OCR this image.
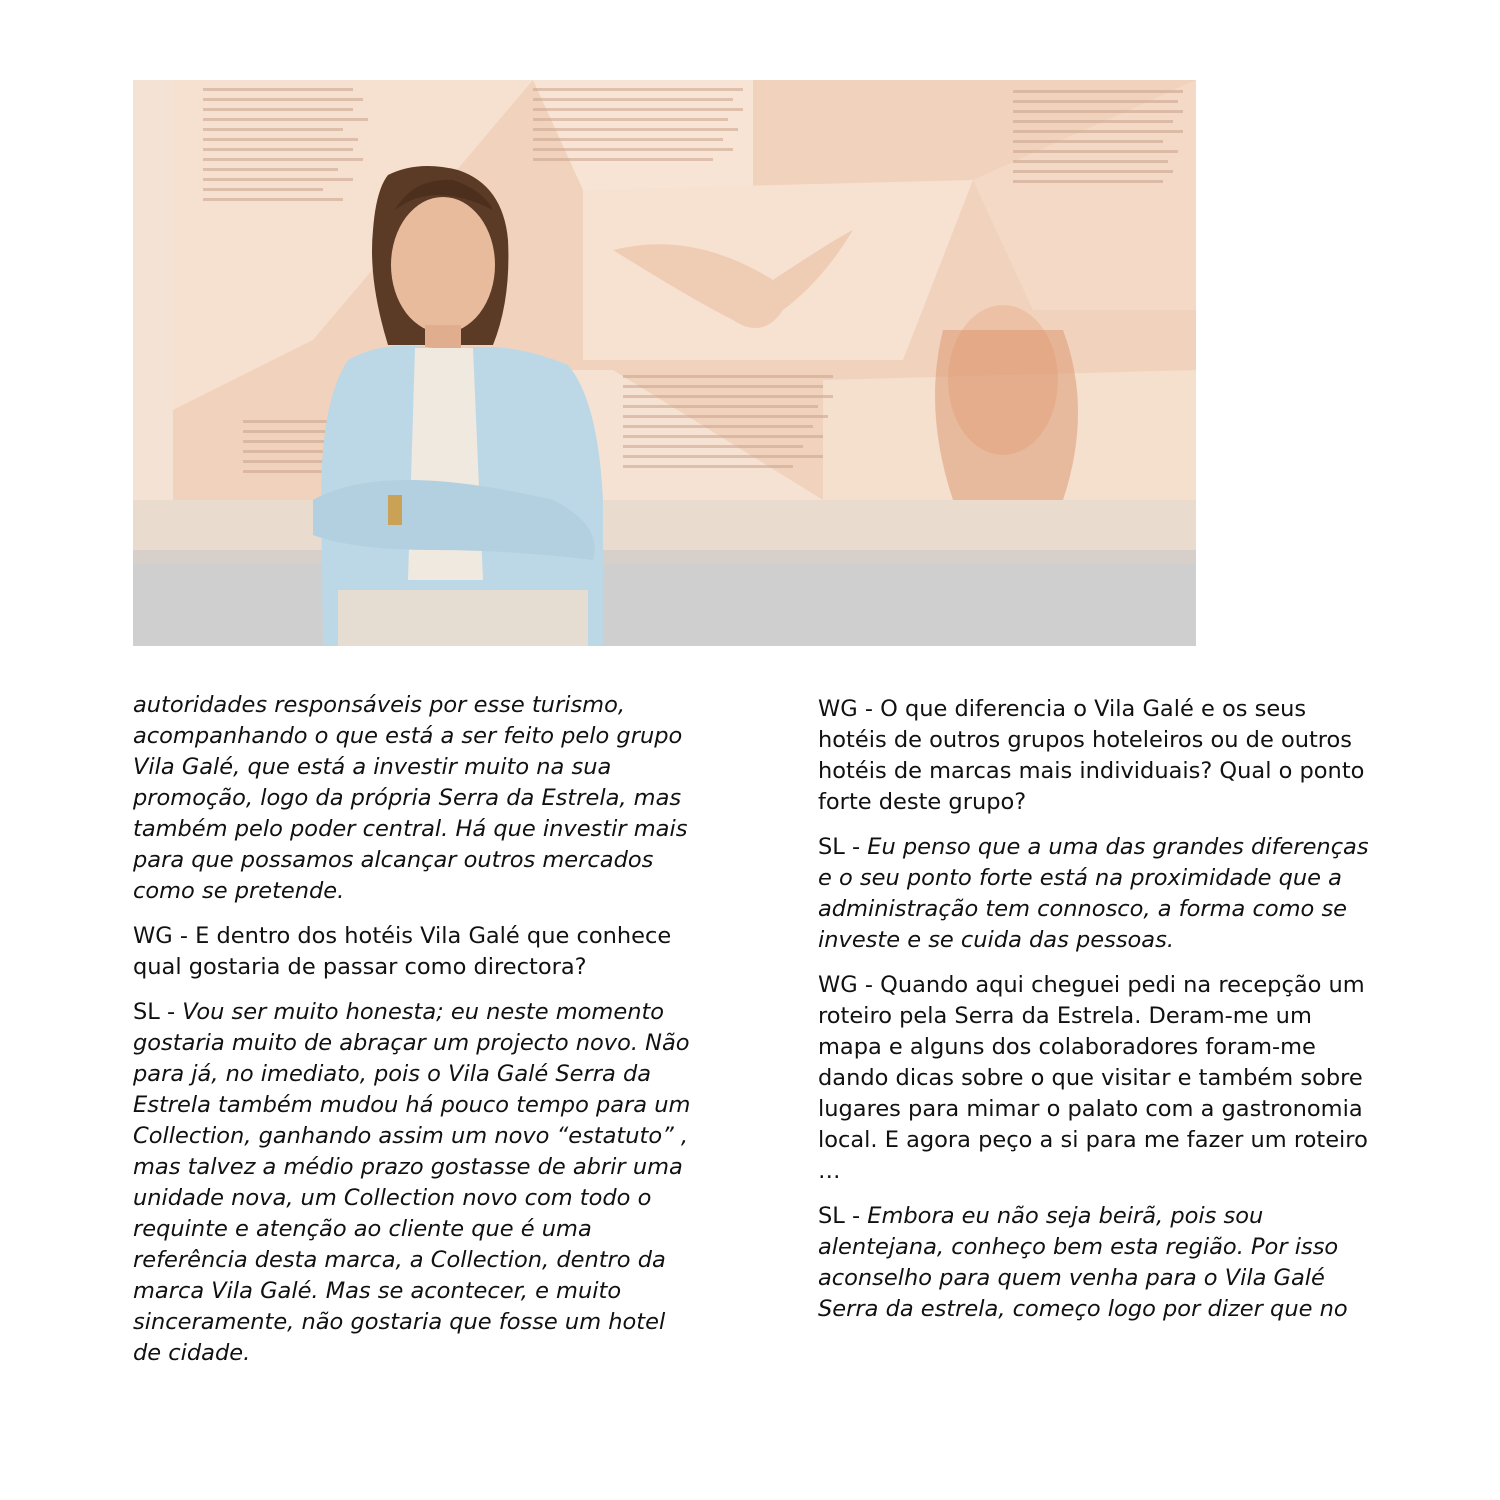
autoridades responsáveis por esse turismo, acompanhando o que está a ser feito pelo grupo Vila Galé, que está a investir muito na sua promoção, logo da própria Serra da Estrela, mas também pelo poder central. Há que investir mais para que possamos alcançar outros mercados como se pretende.

WG - E dentro dos hotéis Vila Galé que conhece qual gostaria de passar como directora?

SL - Vou ser muito honesta; eu neste momento gostaria muito de abraçar um projecto novo. Não para já, no imediato, pois o Vila Galé Serra da Estrela também mudou há pouco tempo para um Collection, ganhando assim um novo “estatuto” , mas talvez a médio prazo gostasse de abrir uma unidade nova, um Collection novo com todo o requinte e atenção ao cliente que é uma referência desta marca, a Collection, dentro da marca Vila Galé. Mas se acontecer, e muito sinceramente, não gostaria que fosse um hotel de cidade.

WG - O que diferencia o Vila Galé e os seus hotéis de outros grupos hoteleiros ou de outros hotéis de marcas mais individuais? Qual o ponto forte deste grupo?

SL - Eu penso que a uma das grandes diferenças e o seu ponto forte está na proximidade que a administração tem connosco, a forma como se investe e se cuida das pessoas.

WG - Quando aqui cheguei pedi na recepção um roteiro pela Serra da Estrela. Deram-me um mapa e alguns dos colaboradores foram-me dando dicas sobre o que visitar e também sobre lugares para mimar o palato com a gastronomia local. E agora peço a si para me fazer um roteiro …

SL - Embora eu não seja beirã, pois sou alentejana, conheço bem esta região. Por isso aconselho para quem venha para o Vila Galé Serra da estrela, começo logo por dizer que no
